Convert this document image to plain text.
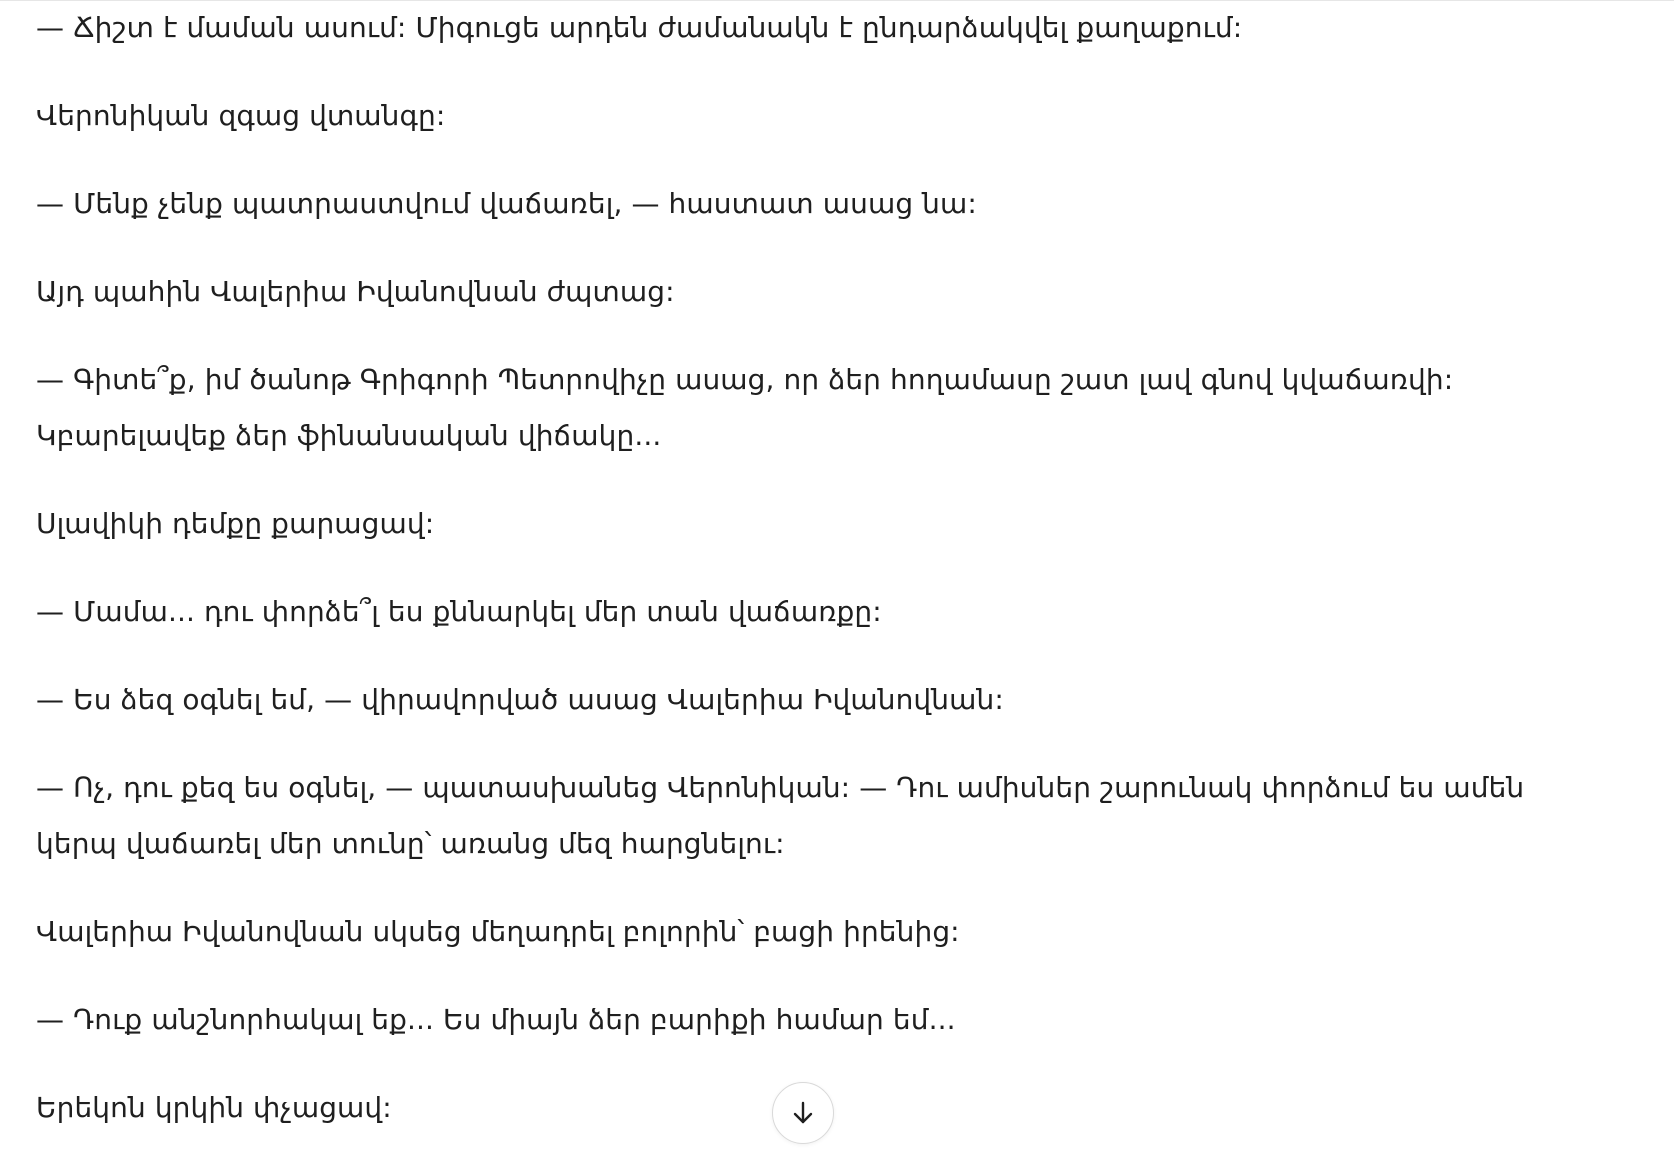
— Ճիշտ է մաման ասում: Միգուցե արդեն ժամանակն է ընդարձակվել քաղաքում:

Վերոնիկան զգաց վտանգը:

— Մենք չենք պատրաստվում վաճառել, — հաստատ ասաց նա:

Այդ պահին Վալերիա Իվանովնան ժպտաց:

— Գիտե՞ք, իմ ծանոթ Գրիգորի Պետրովիչը ասաց, որ ձեր հողամասը շատ լավ գնով կվաճառվի: Կբարելավեք ձեր ֆինանսական վիճակը...

Սլավիկի դեմքը քարացավ:

— Մամա... դու փորձե՞լ ես քննարկել մեր տան վաճառքը:

— Ես ձեզ օգնել եմ, — վիրավորված ասաց Վալերիա Իվանովնան:

— Ոչ, դու քեզ ես օգնել, — պատասխանեց Վերոնիկան: — Դու ամիսներ շարունակ փորձում ես ամեն կերպ վաճառել մեր տունը՝ առանց մեզ հարցնելու:

Վալերիա Իվանովնան սկսեց մեղադրել բոլորին՝ բացի իրենից:

— Դուք անշնորհակալ եք... Ես միայն ձեր բարիքի համար եմ...

Երեկոն կրկին փչացավ:
